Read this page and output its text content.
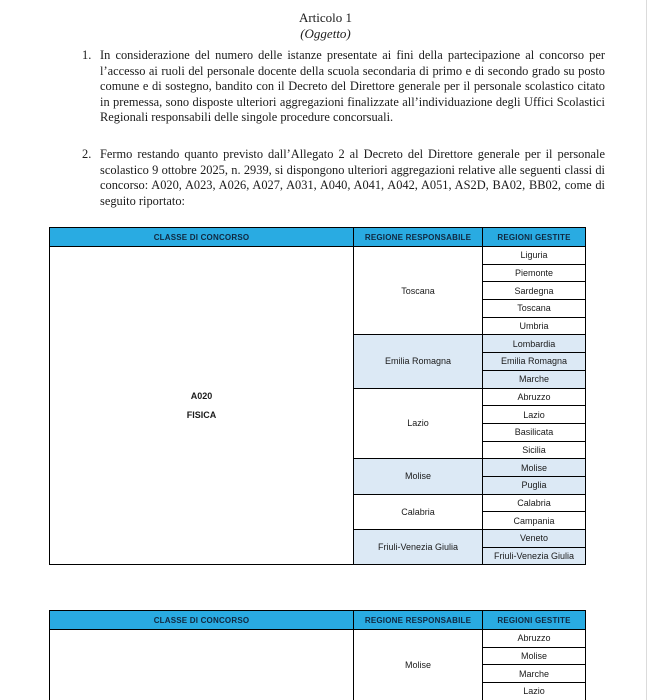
Articolo 1
(Oggetto)
1. In considerazione del numero delle istanze presentate ai fini della partecipazione al concorso per l’accesso ai ruoli del personale docente della scuola secondaria di primo e di secondo grado su posto comune e di sostegno, bandito con il Decreto del Direttore generale per il personale scolastico citato in premessa, sono disposte ulteriori aggregazioni finalizzate all’individuazione degli Uffici Scolastici Regionali responsabili delle singole procedure concorsuali.
2. Fermo restando quanto previsto dall’Allegato 2 al Decreto del Direttore generale per il personale scolastico 9 ottobre 2025, n. 2939, si dispongono ulteriori aggregazioni relative alle seguenti classi di concorso: A020, A023, A026, A027, A031, A040, A041, A042, A051, AS2D, BA02, BB02, come di seguito riportato:
CLASSE DI CONCORSO	REGIONE RESPONSABILE	REGIONI GESTITE

A020
FISICA	Toscana	Liguria
		Piemonte
		Sardegna
		Toscana
		Umbria
	Emilia Romagna	Lombardia
		Emilia Romagna
		Marche
	Lazio	Abruzzo
		Lazio
		Basilicata
		Sicilia
	Molise	Molise
		Puglia
	Calabria	Calabria
		Campania
	Friuli-Venezia Giulia	Veneto
		Friuli-Venezia Giulia
CLASSE DI CONCORSO	REGIONE RESPONSABILE	REGIONI GESTITE

	Molise	Abruzzo
		Molise
		Marche
		Lazio
